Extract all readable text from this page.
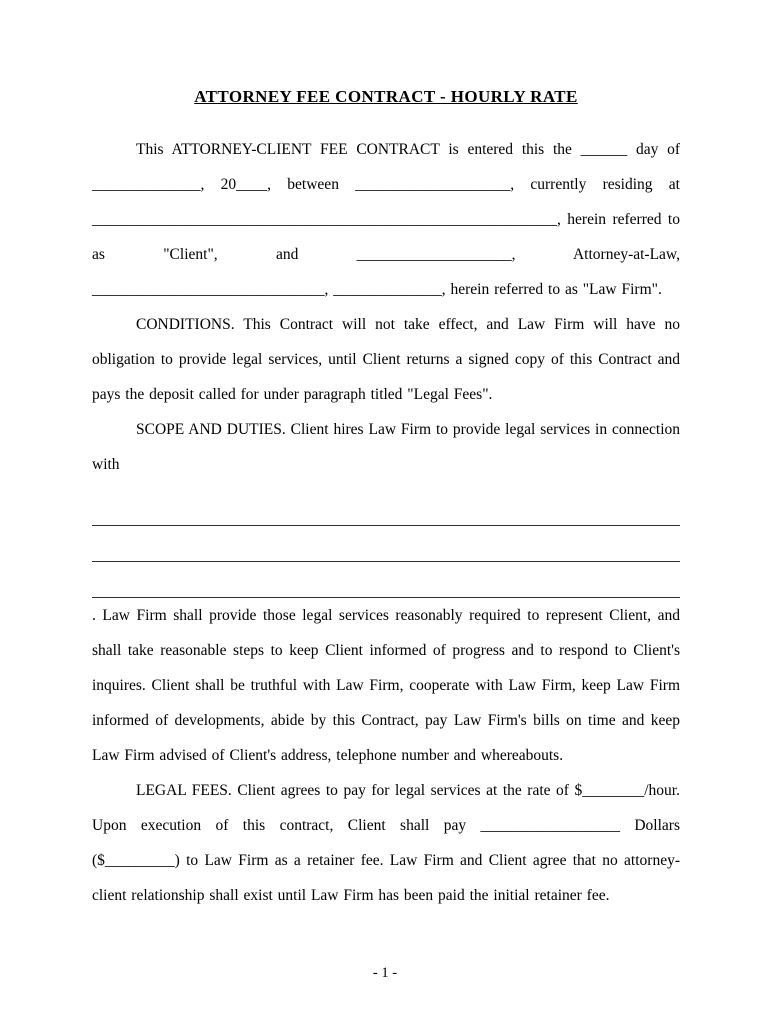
ATTORNEY FEE CONTRACT - HOURLY RATE

This ATTORNEY-CLIENT FEE CONTRACT is entered this the ______ day of ______________, 20____, between ____________________, currently residing at ____________________________________________________________, herein referred to as "Client", and ____________________, Attorney-at-Law, ______________________________, ______________, herein referred to as "Law Firm".

CONDITIONS. This Contract will not take effect, and Law Firm will have no obligation to provide legal services, until Client returns a signed copy of this Contract and pays the deposit called for under paragraph titled "Legal Fees".

SCOPE AND DUTIES. Client hires Law Firm to provide legal services in connection with

. Law Firm shall provide those legal services reasonably required to represent Client, and shall take reasonable steps to keep Client informed of progress and to respond to Client's inquires. Client shall be truthful with Law Firm, cooperate with Law Firm, keep Law Firm informed of developments, abide by this Contract, pay Law Firm's bills on time and keep Law Firm advised of Client's address, telephone number and whereabouts.

LEGAL FEES. Client agrees to pay for legal services at the rate of $________/hour. Upon execution of this contract, Client shall pay __________________ Dollars ($_________) to Law Firm as a retainer fee. Law Firm and Client agree that no attorney-client relationship shall exist until Law Firm has been paid the initial retainer fee.

- 1 -
